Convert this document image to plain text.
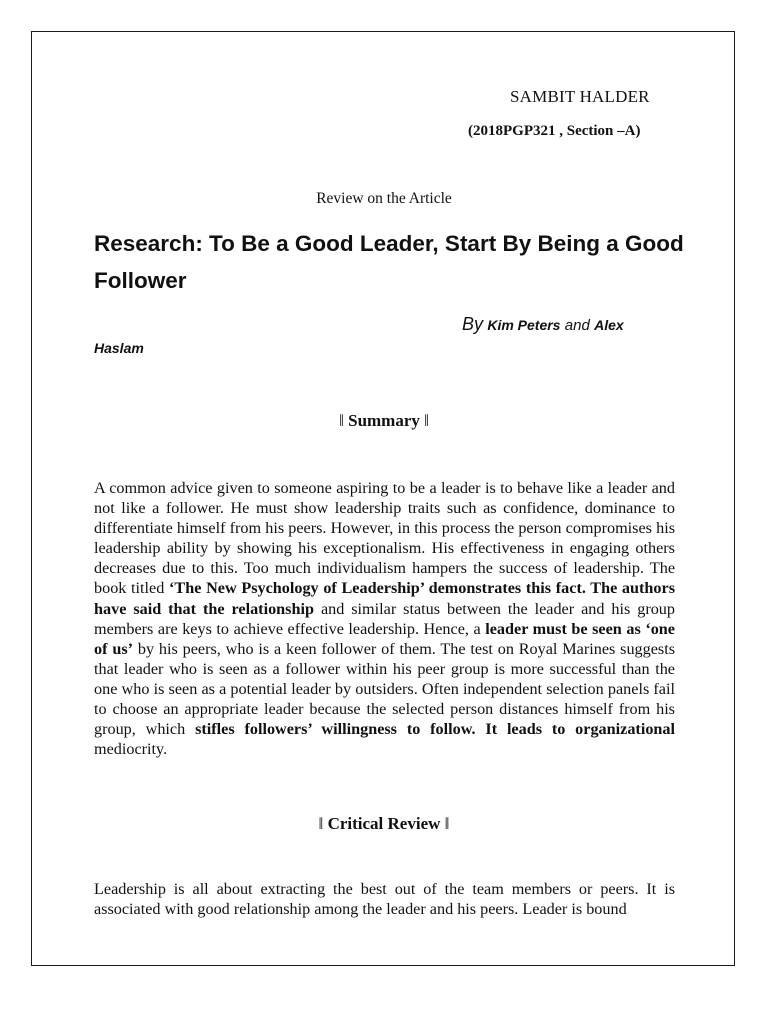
SAMBIT HALDER
(2018PGP321 , Section –A)
Review on the Article
Research: To Be a Good Leader, Start By Being a Good Follower
By Kim Peters and Alex
Haslam
ǁ Summary ǁ
A common advice given to someone aspiring to be a leader is to behave like a leader and not like a follower. He must show leadership traits such as confidence, dominance to differentiate himself from his peers. However, in this process the person compromises his leadership ability by showing his exceptionalism. His effectiveness in engaging others decreases due to this. Too much individualism hampers the success of leadership. The book titled ‘The New Psychology of Leadership’ demonstrates this fact. The authors have said that the relationship and similar status between the leader and his group members are keys to achieve effective leadership. Hence, a leader must be seen as ‘one of us’ by his peers, who is a keen follower of them. The test on Royal Marines suggests that leader who is seen as a follower within his peer group is more successful than the one who is seen as a potential leader by outsiders. Often independent selection panels fail to choose an appropriate leader because the selected person distances himself from his group, which stifles followers’ willingness to follow. It leads to organizational mediocrity.
ǁ Critical Review ǁ
Leadership is all about extracting the best out of the team members or peers. It is associated with good relationship among the leader and his peers. Leader is bound
